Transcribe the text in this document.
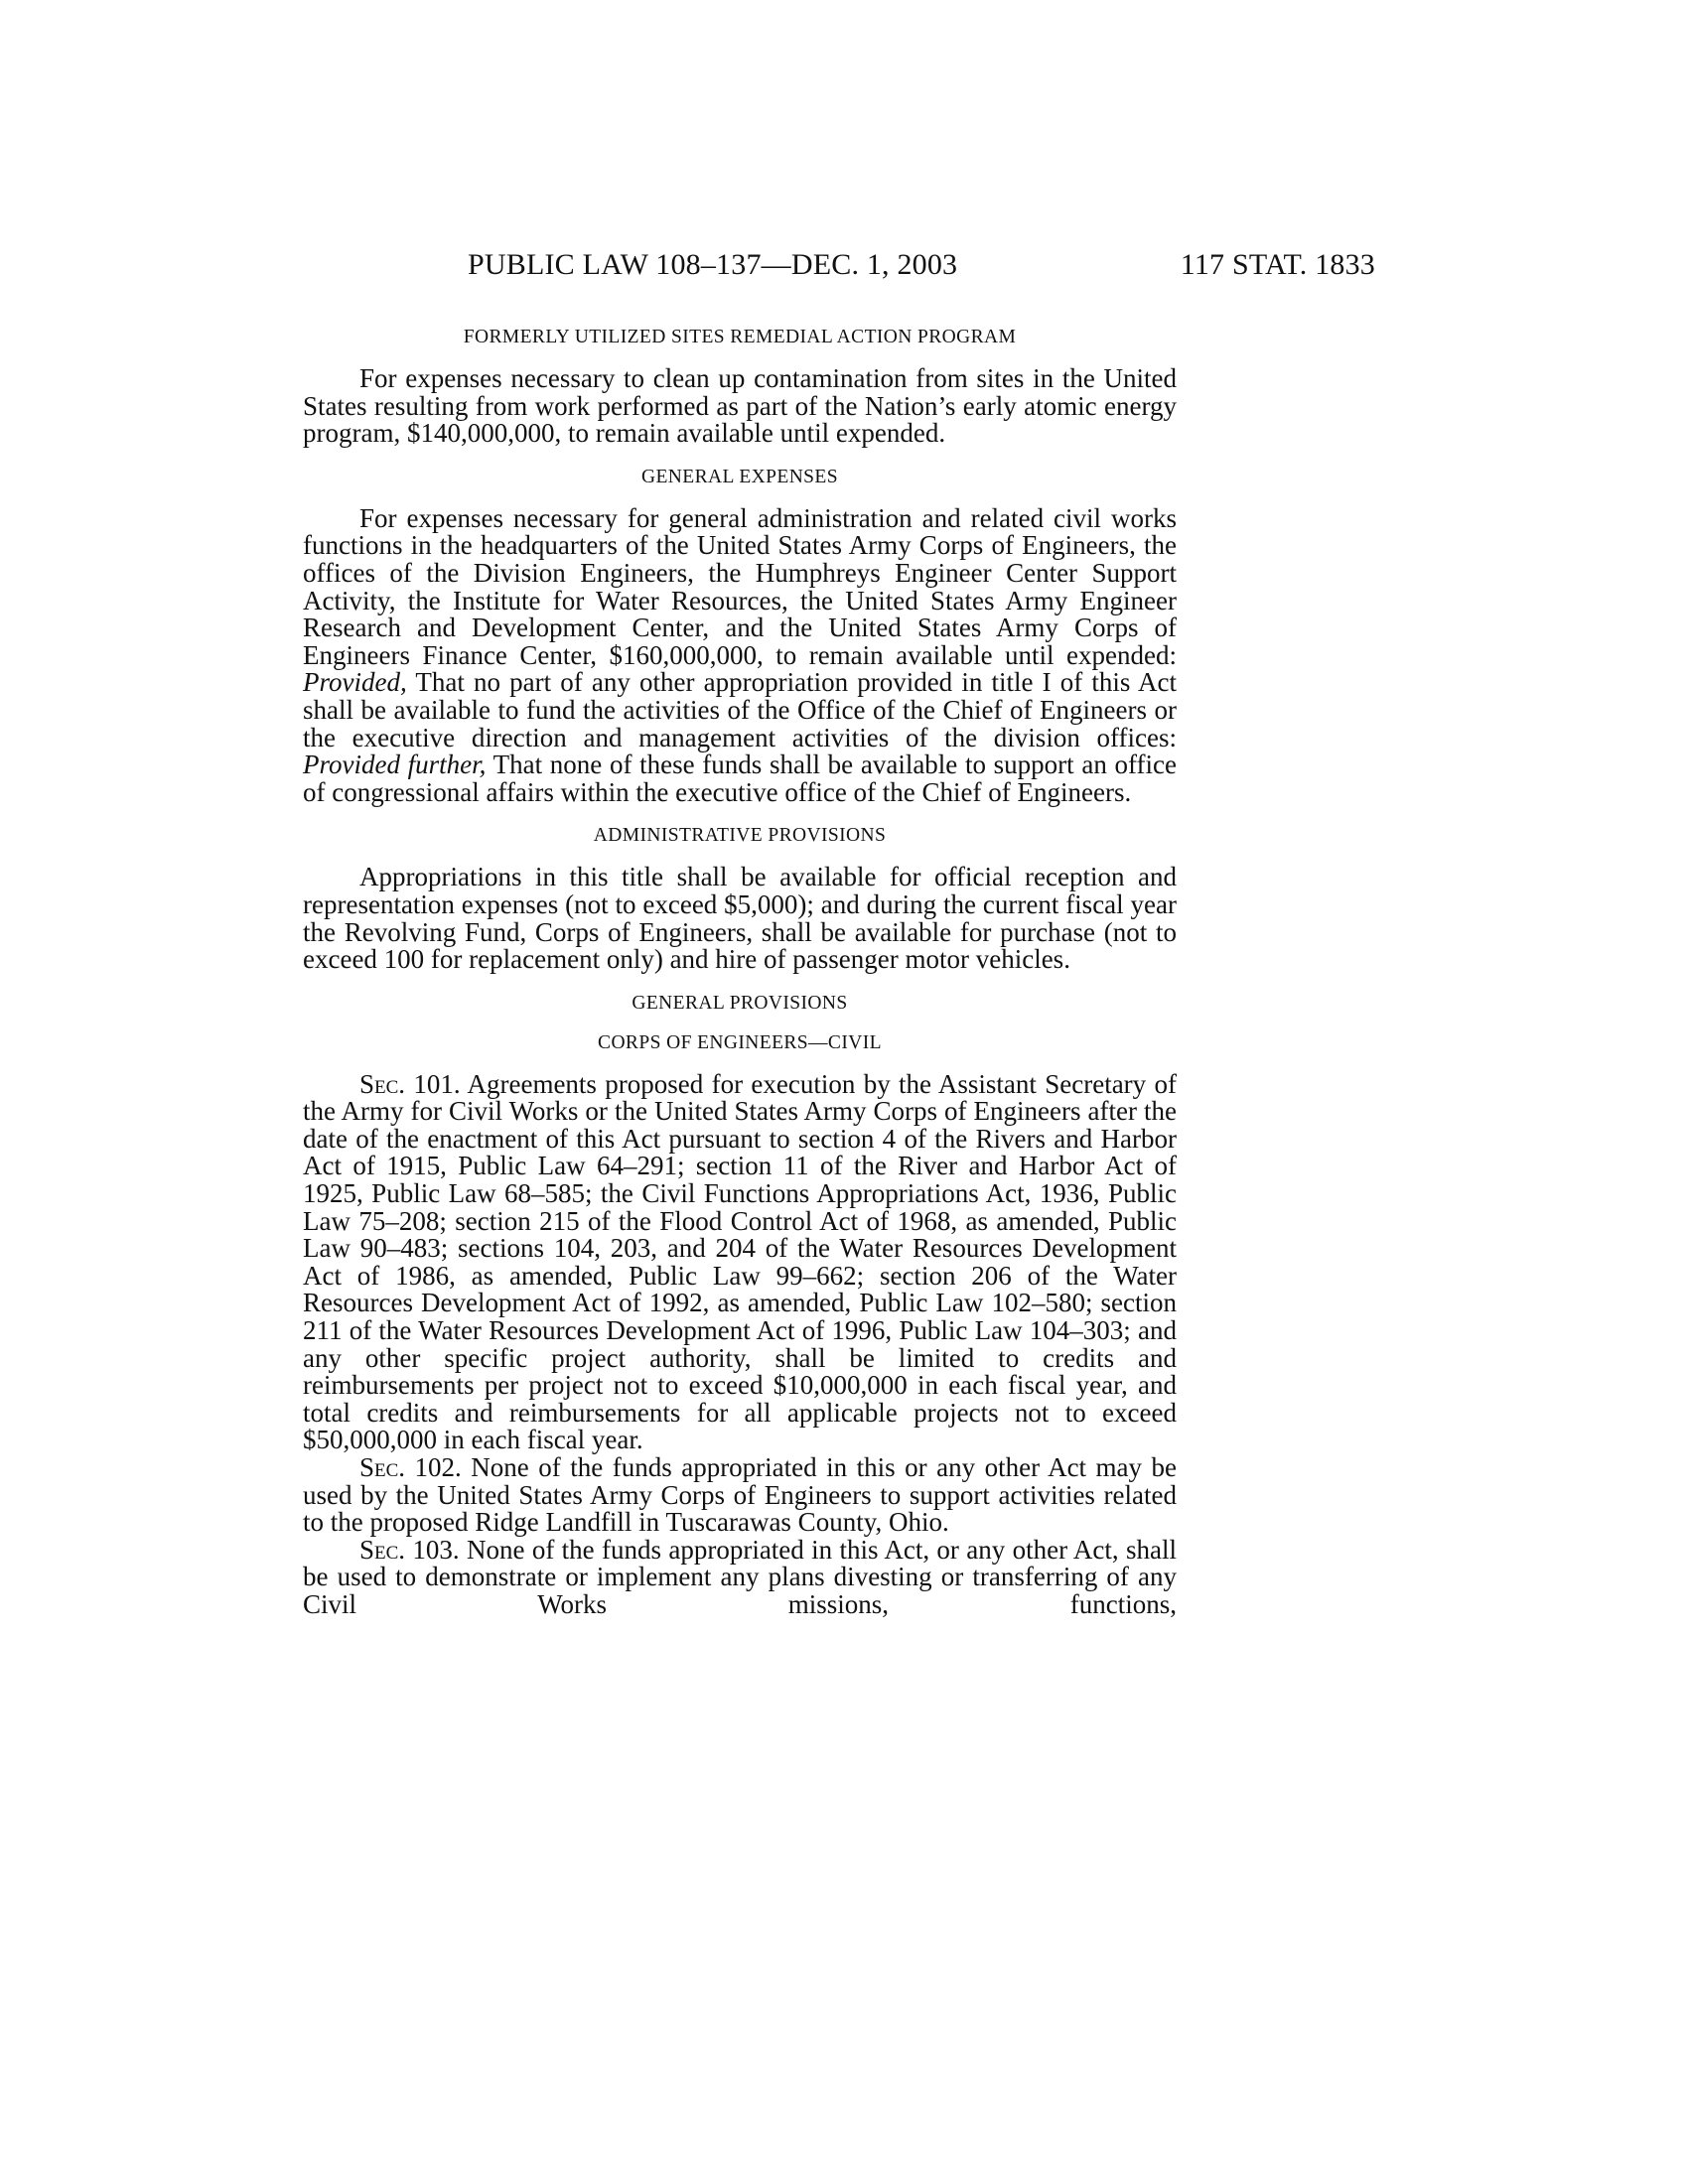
PUBLIC LAW 108–137—DEC. 1, 2003	117 STAT. 1833

FORMERLY UTILIZED SITES REMEDIAL ACTION PROGRAM

For expenses necessary to clean up contamination from sites in the United States resulting from work performed as part of the Nation’s early atomic energy program, $140,000,000, to remain available until expended.

GENERAL EXPENSES

For expenses necessary for general administration and related civil works functions in the headquarters of the United States Army Corps of Engineers, the offices of the Division Engineers, the Humphreys Engineer Center Support Activity, the Institute for Water Resources, the United States Army Engineer Research and Development Center, and the United States Army Corps of Engineers Finance Center, $160,000,000, to remain available until expended: Provided, That no part of any other appropriation provided in title I of this Act shall be available to fund the activities of the Office of the Chief of Engineers or the executive direction and management activities of the division offices: Provided further, That none of these funds shall be available to support an office of congressional affairs within the executive office of the Chief of Engineers.

ADMINISTRATIVE PROVISIONS

Appropriations in this title shall be available for official reception and representation expenses (not to exceed $5,000); and during the current fiscal year the Revolving Fund, Corps of Engineers, shall be available for purchase (not to exceed 100 for replacement only) and hire of passenger motor vehicles.

GENERAL PROVISIONS

CORPS OF ENGINEERS—CIVIL

Sec. 101. Agreements proposed for execution by the Assistant Secretary of the Army for Civil Works or the United States Army Corps of Engineers after the date of the enactment of this Act pursuant to section 4 of the Rivers and Harbor Act of 1915, Public Law 64–291; section 11 of the River and Harbor Act of 1925, Public Law 68–585; the Civil Functions Appropriations Act, 1936, Public Law 75–208; section 215 of the Flood Control Act of 1968, as amended, Public Law 90–483; sections 104, 203, and 204 of the Water Resources Development Act of 1986, as amended, Public Law 99–662; section 206 of the Water Resources Development Act of 1992, as amended, Public Law 102–580; section 211 of the Water Resources Development Act of 1996, Public Law 104–303; and any other specific project authority, shall be limited to credits and reimbursements per project not to exceed $10,000,000 in each fiscal year, and total credits and reimbursements for all applicable projects not to exceed $50,000,000 in each fiscal year.

Sec. 102. None of the funds appropriated in this or any other Act may be used by the United States Army Corps of Engineers to support activities related to the proposed Ridge Landfill in Tuscarawas County, Ohio.

Sec. 103. None of the funds appropriated in this Act, or any other Act, shall be used to demonstrate or implement any plans divesting or transferring of any Civil Works missions, functions,
